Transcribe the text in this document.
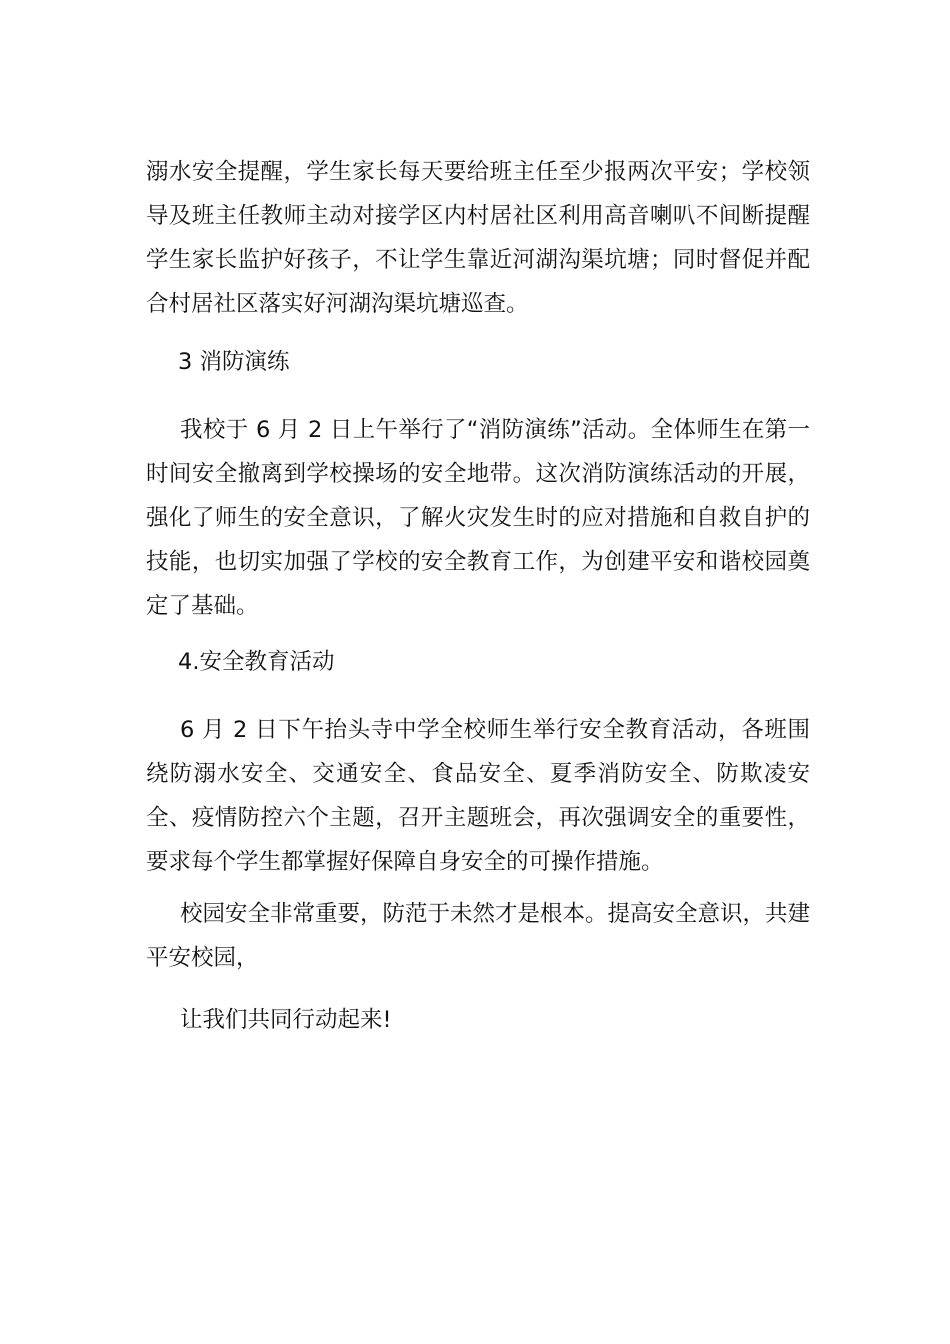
溺水安全提醒，学生家长每天要给班主任至少报两次平安；学校领导及班主任教师主动对接学区内村居社区利用高音喇叭不间断提醒学生家长监护好孩子，不让学生靠近河湖沟渠坑塘；同时督促并配合村居社区落实好河湖沟渠坑塘巡查。

3 消防演练

我校于 6 月 2 日上午举行了“消防演练”活动。全体师生在第一时间安全撤离到学校操场的安全地带。这次消防演练活动的开展，强化了师生的安全意识，了解火灾发生时的应对措施和自救自护的技能，也切实加强了学校的安全教育工作，为创建平安和谐校园奠定了基础。

4.安全教育活动

6 月 2 日下午抬头寺中学全校师生举行安全教育活动，各班围绕防溺水安全、交通安全、食品安全、夏季消防安全、防欺凌安全、疫情防控六个主题，召开主题班会，再次强调安全的重要性，要求每个学生都掌握好保障自身安全的可操作措施。

校园安全非常重要，防范于未然才是根本。提高安全意识，共建平安校园，

让我们共同行动起来!
